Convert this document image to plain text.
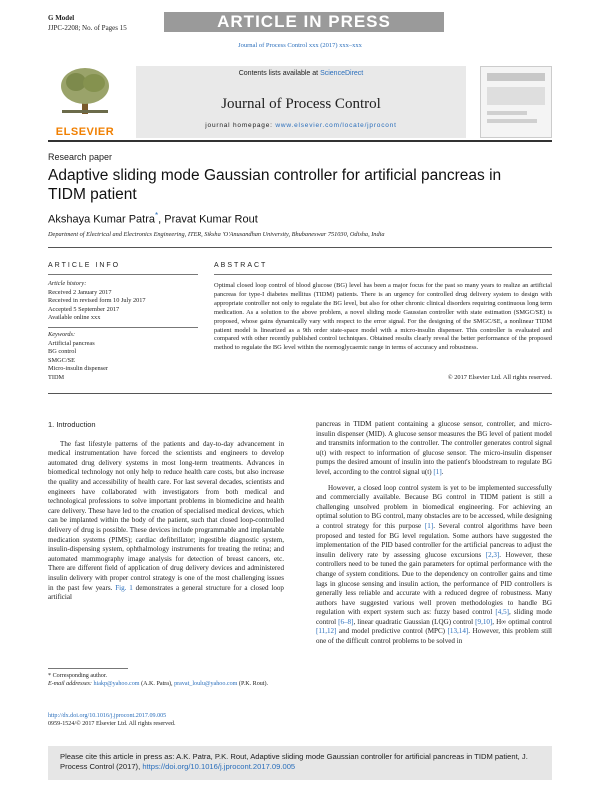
G Model
JJPC-2208; No. of Pages 15	ARTICLE IN PRESS
Journal of Process Control xxx (2017) xxx–xxx
ELSEVIER
Contents lists available at ScienceDirect
Journal of Process Control
journal homepage: www.elsevier.com/locate/jprocont
Research paper
Adaptive sliding mode Gaussian controller for artificial pancreas in TIDM patient
Akshaya Kumar Patra*, Pravat Kumar Rout
Department of Electrical and Electronics Engineering, ITER, Siksha 'O'Anusandhan University, Bhubaneswar 751030, Odisha, India
ARTICLE INFO
Article history:
Received 2 January 2017
Received in revised form 10 July 2017
Accepted 5 September 2017
Available online xxx
Keywords:
Artificial pancreas
BG control
SMGC/SE
Micro-insulin dispenser
TIDM
ABSTRACT
Optimal closed loop control of blood glucose (BG) level has been a major focus for the past so many years to realize an artificial pancreas for type-I diabetes mellitus (TIDM) patients. There is an urgency for controlled drug delivery system to design with appropriate controller not only to regulate the BG level, but also for other chronic clinical disorders requiring continuous long term medication. As a solution to the above problem, a novel sliding mode Gaussian controller with state estimation (SMGC/SE) is proposed, whose gains dynamically vary with respect to the error signal. For the designing of the SMGC/SE, a nonlinear TIDM patient model is linearized as a 9th order state-space model with a micro-insulin dispenser. This controller is evaluated and compared with other recently published control techniques. Obtained results clearly reveal the better performance of the proposed method to regulate the BG level within the normoglycaemic range in terms of accuracy and robustness.
© 2017 Elsevier Ltd. All rights reserved.
1. Introduction

The fast lifestyle patterns of the patients and day-to-day advancement in medical instrumentation have forced the scientists and engineers to develop automated drug delivery systems in most long-term treatments. Advances in biomedical technology not only help to reduce health care costs, but also increase the quality and accessibility of health care. For last several decades, scientists and engineers have collaborated with investigators from both medical and technological professions to solve important problems in biomedicine and health care delivery. These have led to the creation of specialised medical devices, which can be implanted within the body of the patient, such that closed loop-controlled delivery of drug is possible. These devices include programmable and implantable medication systems (PIMS); cardiac defibrillator; ingestible diagnostic system, insulin-dispensing system, ophthalmology instruments for treating the retina; and automated mammography image analysis for detection of breast cancers, etc. There are different field of application of drug delivery devices and administered insulin delivery with proper control strategy is one of the most challenging issues in the past few years. Fig. 1 demonstrates a general structure for a closed loop artificial

pancreas in TIDM patient containing a glucose sensor, controller, and micro-insulin dispenser (MID). A glucose sensor measures the BG level of patient model and transmits information to the controller. The controller generates control signal u(t) with respect to information of glucose sensor. The micro-insulin dispenser pumps the desired amount of insulin into the patient's bloodstream to regulate BG level, according to the control signal u(t) [1].

However, a closed loop control system is yet to be implemented successfully and commercially available. Because BG control in TIDM patient is still a challenging unsolved problem in biomedical engineering. For achieving an optimal solution to BG control, many obstacles are to be accessed, while designing a control strategy for this purpose [1]. Several control algorithms have been proposed and tested for BG level regulation. Some authors have suggested the implementation of the PID based controller for the artificial pancreas to adjust the insulin delivery rate by assessing glucose excursions [2,3]. However, these controllers need to be tuned the gain parameters for optimal performance with the change of system conditions. Due to the dependency on controller gains and time lags in glucose sensing and insulin action, the performance of PID controllers is generally less reliable and accurate with a reduced degree of robustness. Many authors have suggested various well proven methodologies to handle BG regulation with expert system such as: fuzzy based control [4,5], sliding mode control [6–8], linear quadratic Gaussian (LQG) control [9,10], H∞ optimal control [11,12] and model predictive control (MPC) [13,14]. However, this problem still one of the difficult control problems to be solved in

* Corresponding author.
E-mail addresses: hiakp@yahoo.com (A.K. Patra), pravat_loulu@yahoo.com (P.K. Rout).
http://dx.doi.org/10.1016/j.jprocont.2017.09.005
0959-1524/© 2017 Elsevier Ltd. All rights reserved.
Please cite this article in press as: A.K. Patra, P.K. Rout, Adaptive sliding mode Gaussian controller for artificial pancreas in TIDM patient, J. Process Control (2017), https://doi.org/10.1016/j.jprocont.2017.09.005
